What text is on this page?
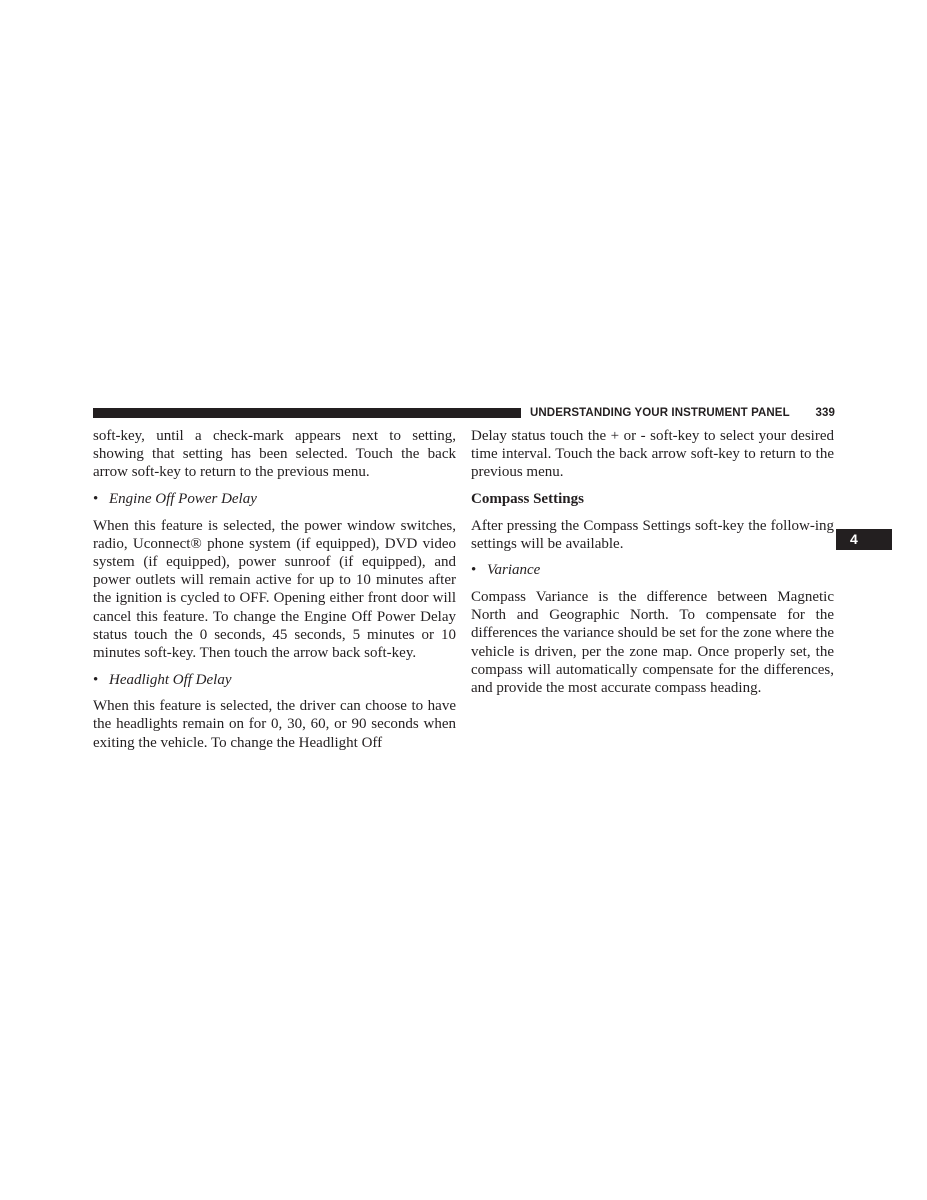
UNDERSTANDING YOUR INSTRUMENT PANEL 339
4

soft-key, until a check-mark appears next to setting, showing that setting has been selected. Touch the back arrow soft-key to return to the previous menu.

• Engine Off Power Delay

When this feature is selected, the power window switches, radio, Uconnect® phone system (if equipped), DVD video system (if equipped), power sunroof (if equipped), and power outlets will remain active for up to 10 minutes after the ignition is cycled to OFF. Opening either front door will cancel this feature. To change the Engine Off Power Delay status touch the 0 seconds, 45 seconds, 5 minutes or 10 minutes soft-key. Then touch the arrow back soft-key.

• Headlight Off Delay

When this feature is selected, the driver can choose to have the headlights remain on for 0, 30, 60, or 90 seconds when exiting the vehicle. To change the Headlight Off

Delay status touch the + or - soft-key to select your desired time interval. Touch the back arrow soft-key to return to the previous menu.

Compass Settings

After pressing the Compass Settings soft-key the follow-ing settings will be available.

• Variance

Compass Variance is the difference between Magnetic North and Geographic North. To compensate for the differences the variance should be set for the zone where the vehicle is driven, per the zone map. Once properly set, the compass will automatically compensate for the differences, and provide the most accurate compass heading.
